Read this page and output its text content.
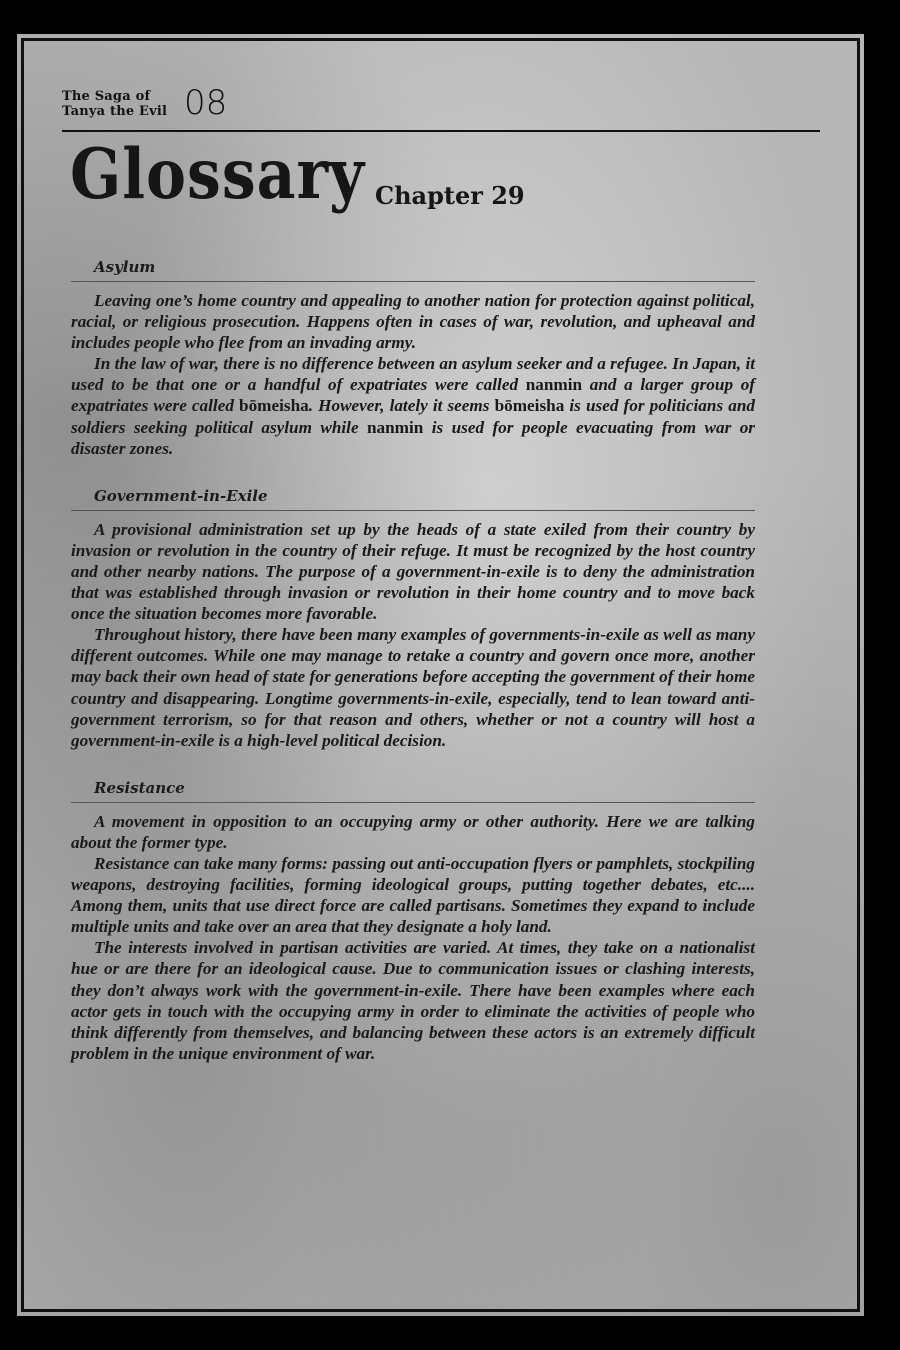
The Saga of
Tanya the Evil 08
Glossary Chapter 29
Asylum

Leaving one’s home country and appealing to another nation for protection against political, racial, or religious prosecution. Happens often in cases of war, revolution, and upheaval and includes people who flee from an invading army.

In the law of war, there is no difference between an asylum seeker and a refugee. In Japan, it used to be that one or a handful of expatriates were called nanmin and a larger group of expatriates were called bōmeisha. However, lately it seems bōmeisha is used for politicians and soldiers seeking political asylum while nanmin is used for people evacuating from war or disaster zones.

Government-in-Exile

A provisional administration set up by the heads of a state exiled from their country by invasion or revolution in the country of their refuge. It must be recognized by the host country and other nearby nations. The purpose of a government-in-exile is to deny the administration that was established through invasion or revolution in their home country and to move back once the situation becomes more favorable.

Throughout history, there have been many examples of governments-in-exile as well as many different outcomes. While one may manage to retake a country and govern once more, another may back their own head of state for generations before accepting the government of their home country and disappearing. Longtime governments-in-exile, especially, tend to lean toward anti-government terrorism, so for that reason and others, whether or not a country will host a government-in-exile is a high-level political decision.

Resistance

A movement in opposition to an occupying army or other authority. Here we are talking about the former type.

Resistance can take many forms: passing out anti-occupation flyers or pamphlets, stockpiling weapons, destroying facilities, forming ideological groups, putting together debates, etc.... Among them, units that use direct force are called partisans. Sometimes they expand to include multiple units and take over an area that they designate a holy land.

The interests involved in partisan activities are varied. At times, they take on a nationalist hue or are there for an ideological cause. Due to communication issues or clashing interests, they don’t always work with the government-in-exile. There have been examples where each actor gets in touch with the occupying army in order to eliminate the activities of people who think differently from themselves, and balancing between these actors is an extremely difficult problem in the unique environment of war.
